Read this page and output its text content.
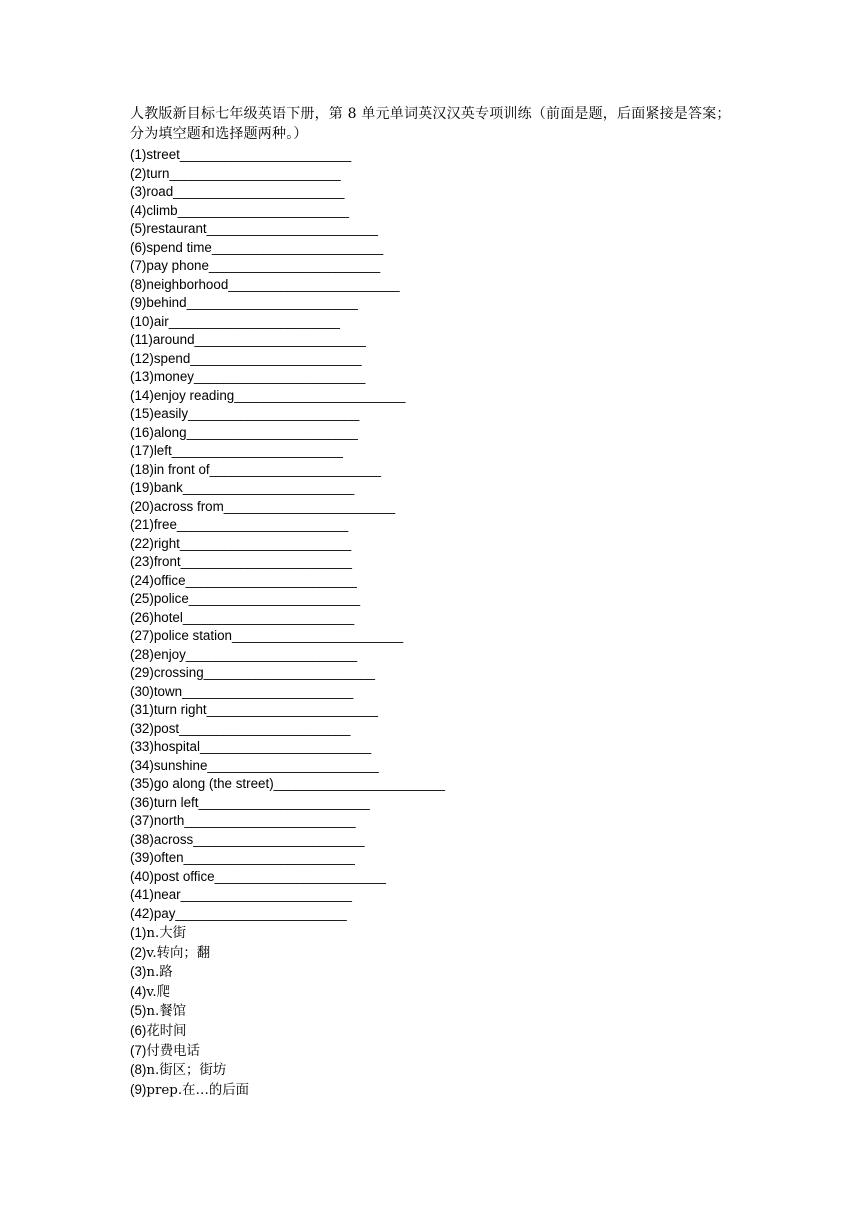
人教版新目标七年级英语下册，第 8 单元单词英汉汉英专项训练（前面是题，后面紧接是答案；分为填空题和选择题两种。）
(1)street_______________________
(2)turn_______________________
(3)road_______________________
(4)climb_______________________
(5)restaurant_______________________
(6)spend time_______________________
(7)pay phone_______________________
(8)neighborhood_______________________
(9)behind_______________________
(10)air_______________________
(11)around_______________________
(12)spend_______________________
(13)money_______________________
(14)enjoy reading_______________________
(15)easily_______________________
(16)along_______________________
(17)left_______________________
(18)in front of_______________________
(19)bank_______________________
(20)across from_______________________
(21)free_______________________
(22)right_______________________
(23)front_______________________
(24)office_______________________
(25)police_______________________
(26)hotel_______________________
(27)police station_______________________
(28)enjoy_______________________
(29)crossing_______________________
(30)town_______________________
(31)turn right_______________________
(32)post_______________________
(33)hospital_______________________
(34)sunshine_______________________
(35)go along (the street)_______________________
(36)turn left_______________________
(37)north_______________________
(38)across_______________________
(39)often_______________________
(40)post office_______________________
(41)near_______________________
(42)pay_______________________
(1)n.大街
(2)v.转向；翻
(3)n.路
(4)v.爬
(5)n.餐馆
(6)花时间
(7)付费电话
(8)n.街区；街坊
(9)prep.在…的后面
